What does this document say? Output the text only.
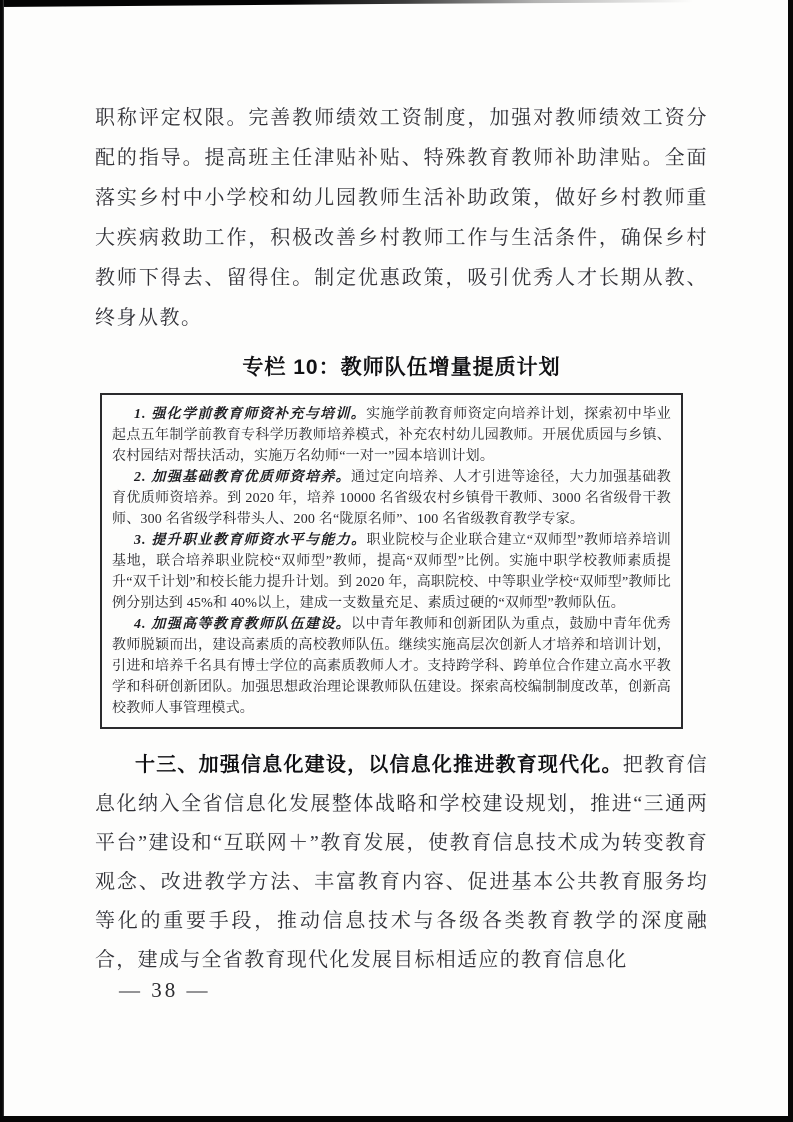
职称评定权限。完善教师绩效工资制度，加强对教师绩效工资分配的指导。提高班主任津贴补贴、特殊教育教师补助津贴。全面落实乡村中小学校和幼儿园教师生活补助政策，做好乡村教师重大疾病救助工作，积极改善乡村教师工作与生活条件，确保乡村教师下得去、留得住。制定优惠政策，吸引优秀人才长期从教、终身从教。

专栏 10：教师队伍增量提质计划

1. 强化学前教育师资补充与培训。实施学前教育师资定向培养计划，探索初中毕业起点五年制学前教育专科学历教师培养模式，补充农村幼儿园教师。开展优质园与乡镇、农村园结对帮扶活动，实施万名幼师“一对一”园本培训计划。

2. 加强基础教育优质师资培养。通过定向培养、人才引进等途径，大力加强基础教育优质师资培养。到 2020 年，培养 10000 名省级农村乡镇骨干教师、3000 名省级骨干教师、300 名省级学科带头人、200 名“陇原名师”、100 名省级教育教学专家。

3. 提升职业教育师资水平与能力。职业院校与企业联合建立“双师型”教师培养培训基地，联合培养职业院校“双师型”教师，提高“双师型”比例。实施中职学校教师素质提升“双千计划”和校长能力提升计划。到 2020 年，高职院校、中等职业学校“双师型”教师比例分别达到 45%和 40%以上，建成一支数量充足、素质过硬的“双师型”教师队伍。

4. 加强高等教育教师队伍建设。以中青年教师和创新团队为重点，鼓励中青年优秀教师脱颖而出，建设高素质的高校教师队伍。继续实施高层次创新人才培养和培训计划，引进和培养千名具有博士学位的高素质教师人才。支持跨学科、跨单位合作建立高水平教学和科研创新团队。加强思想政治理论课教师队伍建设。探索高校编制制度改革，创新高校教师人事管理模式。

十三、加强信息化建设，以信息化推进教育现代化。把教育信息化纳入全省信息化发展整体战略和学校建设规划，推进“三通两平台”建设和“互联网＋”教育发展，使教育信息技术成为转变教育观念、改进教学方法、丰富教育内容、促进基本公共教育服务均等化的重要手段，推动信息技术与各级各类教育教学的深度融合，建成与全省教育现代化发展目标相适应的教育信息化

— 38 —
